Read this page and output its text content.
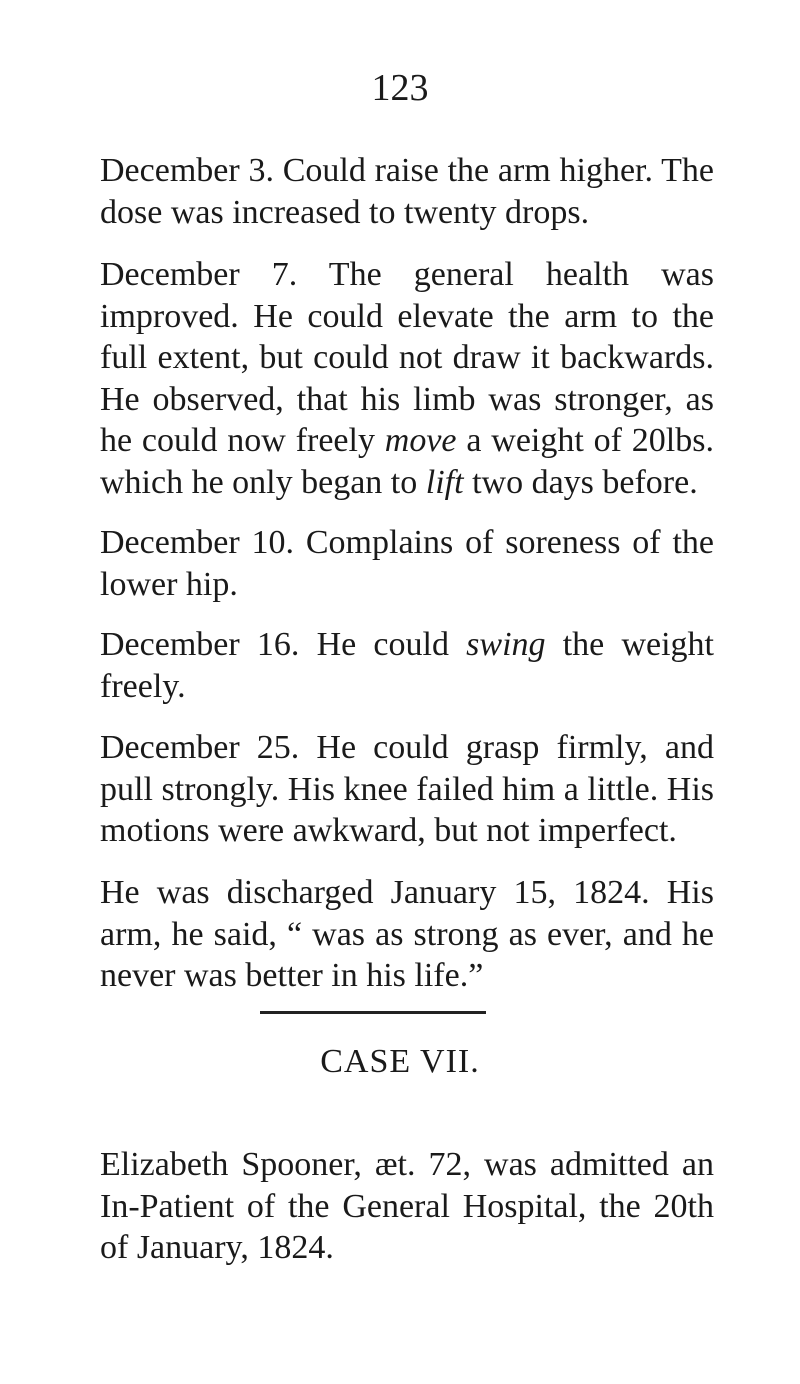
123

December 3. Could raise the arm higher. The dose was increased to twenty drops.

December 7. The general health was improved. He could elevate the arm to the full extent, but could not draw it backwards. He observed, that his limb was stronger, as he could now freely move a weight of 20lbs. which he only began to lift two days before.

December 10. Complains of soreness of the lower hip.

December 16. He could swing the weight freely.

December 25. He could grasp firmly, and pull strongly. His knee failed him a little. His motions were awkward, but not imperfect.

He was discharged January 15, 1824. His arm, he said, “ was as strong as ever, and he never was better in his life.”

CASE VII.

Elizabeth Spooner, æt. 72, was admitted an In-Patient of the General Hospital, the 20th of January, 1824.
